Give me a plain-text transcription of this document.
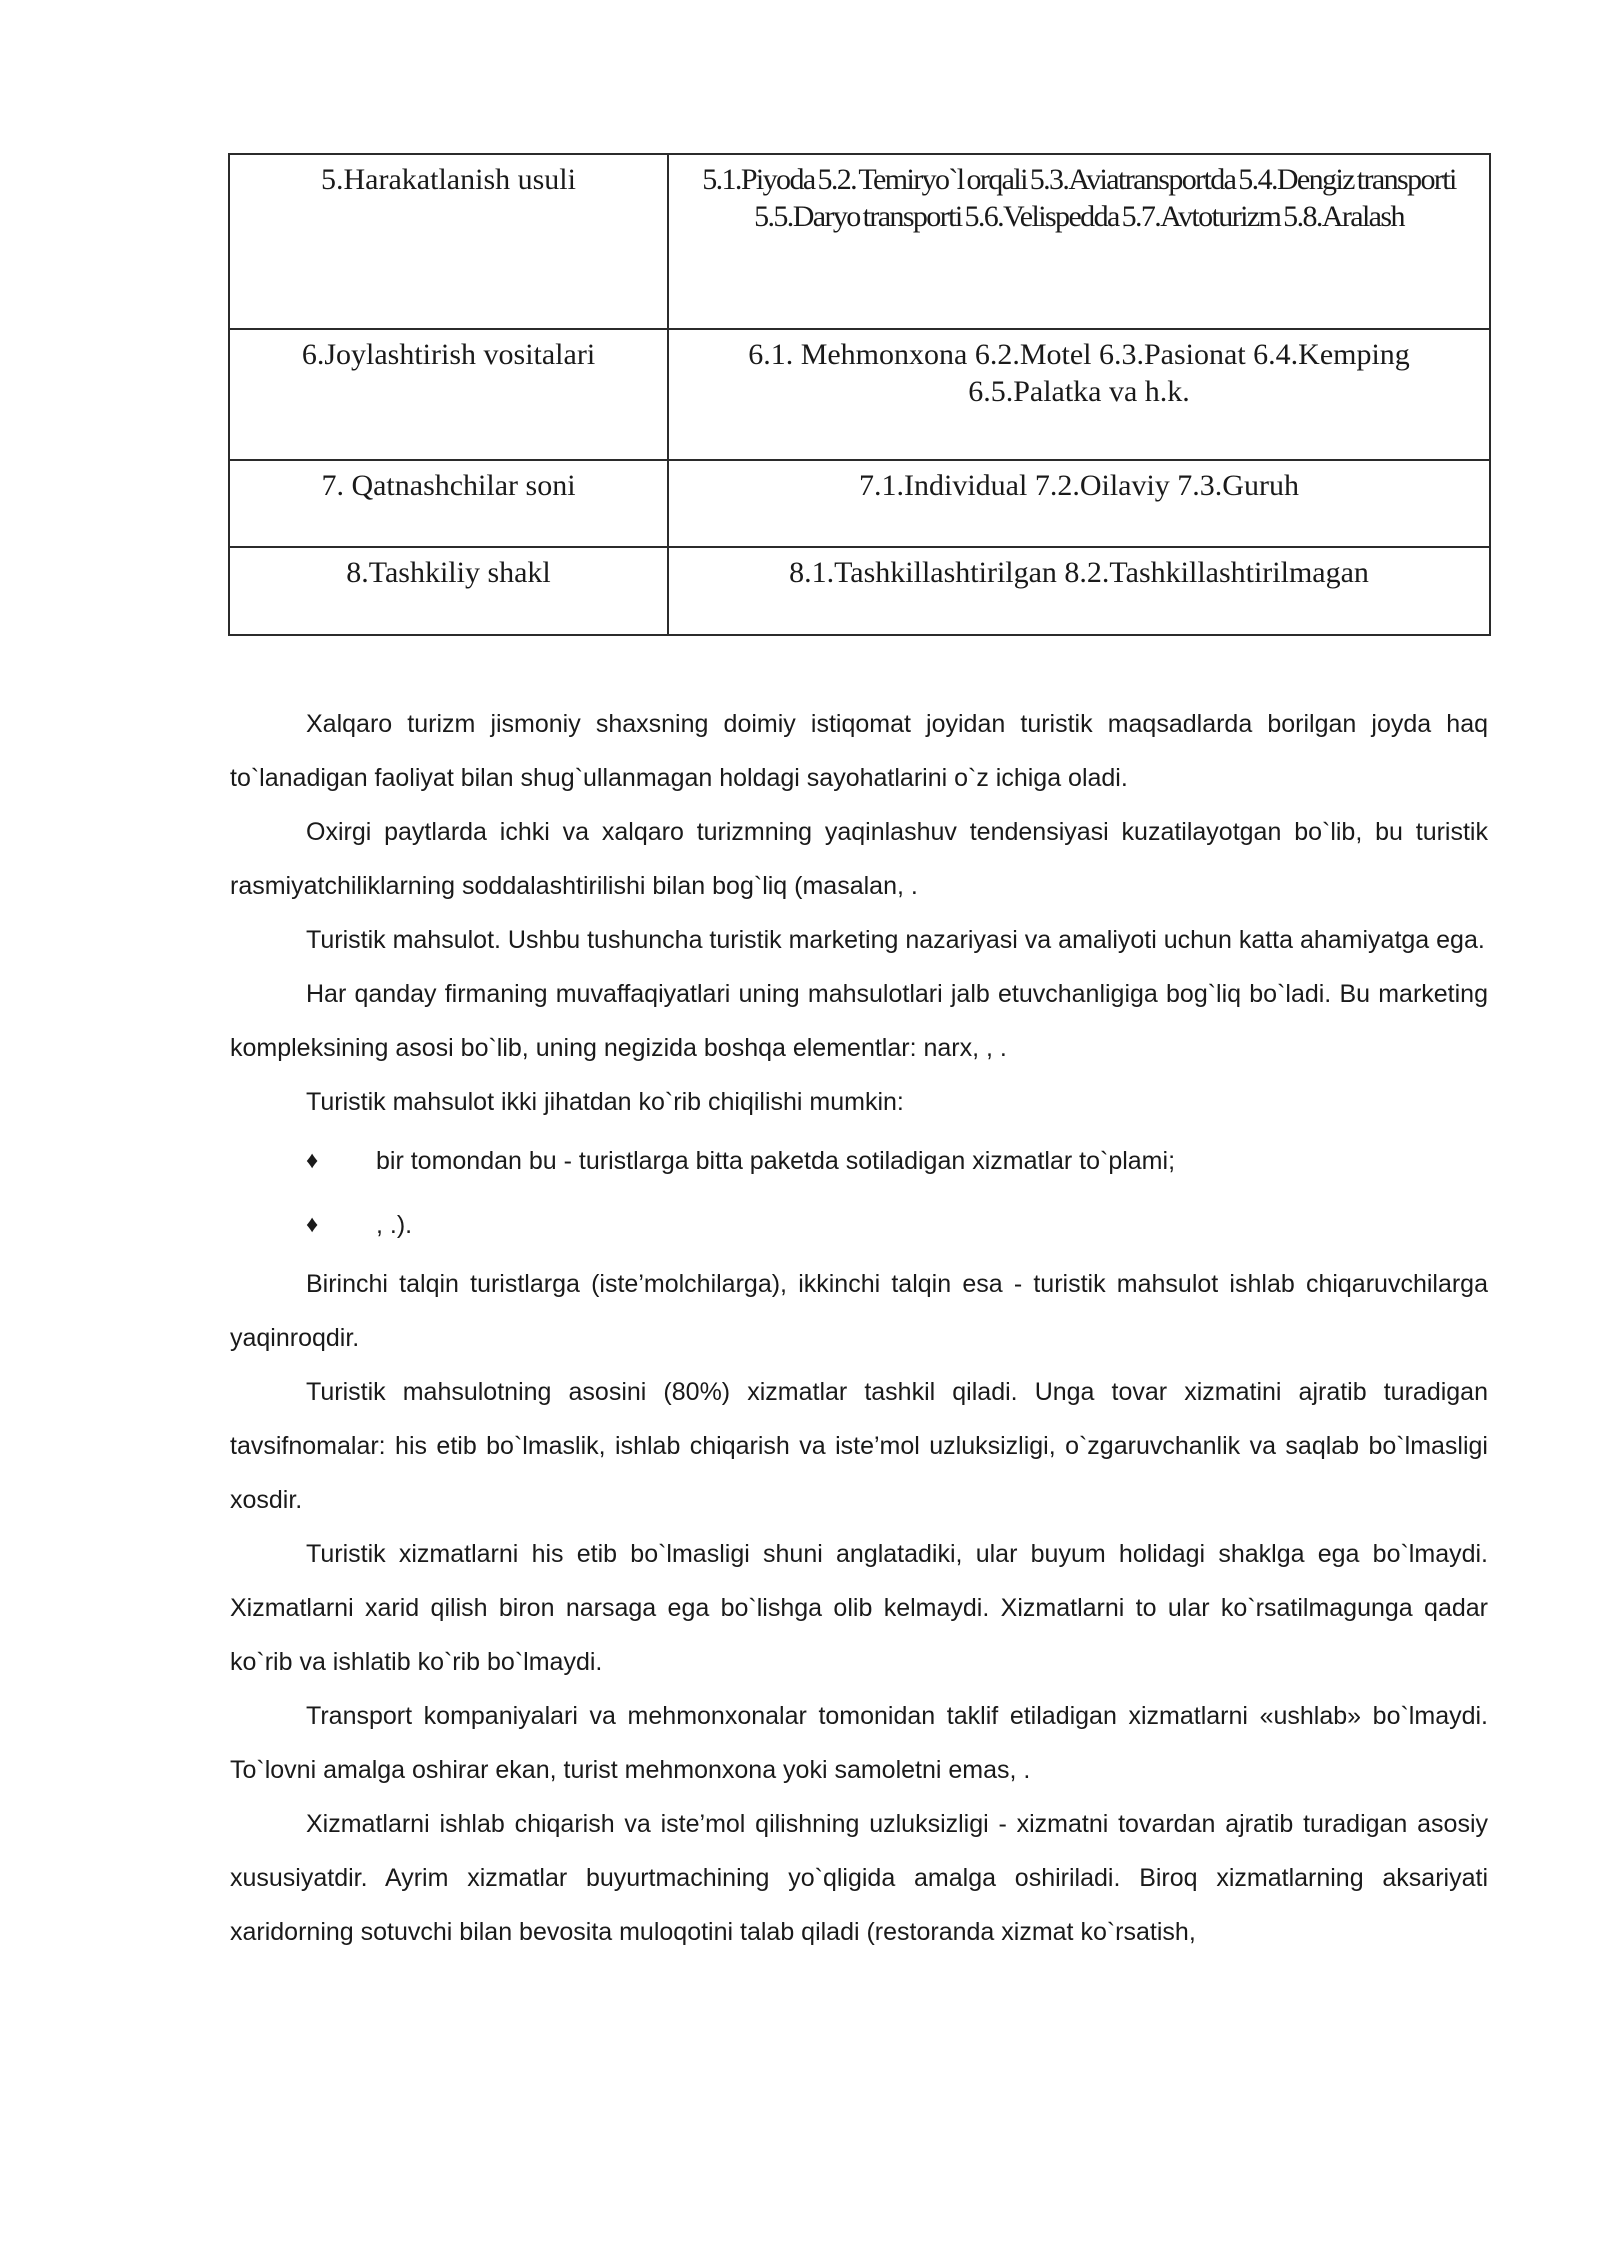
5.Harakatlanish usuli	5.1.Piyoda 5.2. Temiryo`l orqali 5.3.Aviatransportda 5.4.Dengiz transporti 5.5.Daryo transporti 5.6.Velispedda 5.7.Avtoturizm 5.8.Aralash
6.Joylashtirish vositalari	6.1. Mehmonxona 6.2.Motel 6.3.Pasionat 6.4.Kemping 6.5.Palatka va h.k.
7. Qatnashchilar soni	7.1.Individual 7.2.Oilaviy 7.3.Guruh
8.Tashkiliy shakl	8.1.Tashkillashtirilgan 8.2.Tashkillashtirilmagan

Xalqaro turizm jismoniy shaxsning doimiy istiqomat joyidan turistik maqsadlarda borilgan joyda haq to`lanadigan faoliyat bilan shug`ullanmagan holdagi sayohatlarini o`z ichiga oladi.

Oxirgi paytlarda ichki va xalqaro turizmning yaqinlashuv tendensiyasi kuzatilayotgan bo`lib, bu turistik rasmiyatchiliklarning soddalashtirilishi bilan bog`liq (masalan, .

Turistik mahsulot. Ushbu tushuncha turistik marketing nazariyasi va amaliyoti uchun katta ahamiyatga ega.

Har qanday firmaning muvaffaqiyatlari uning mahsulotlari jalb etuvchanligiga bog`liq bo`ladi. Bu marketing kompleksining asosi bo`lib, uning negizida boshqa elementlar: narx, , .

Turistik mahsulot ikki jihatdan ko`rib chiqilishi mumkin:

♦ bir tomondan bu - turistlarga bitta paketda sotiladigan xizmatlar to`plami;
♦ , .).

Birinchi talqin turistlarga (iste’molchilarga), ikkinchi talqin esa - turistik mahsulot ishlab chiqaruvchilarga yaqinroqdir.

Turistik mahsulotning asosini (80%) xizmatlar tashkil qiladi. Unga tovar xizmatini ajratib turadigan tavsifnomalar: his etib bo`lmaslik, ishlab chiqarish va iste’mol uzluksizligi, o`zgaruvchanlik va saqlab bo`lmasligi xosdir.

Turistik xizmatlarni his etib bo`lmasligi shuni anglatadiki, ular buyum holidagi shaklga ega bo`lmaydi. Xizmatlarni xarid qilish biron narsaga ega bo`lishga olib kelmaydi. Xizmatlarni to ular ko`rsatilmagunga qadar ko`rib va ishlatib ko`rib bo`lmaydi.

Transport kompaniyalari va mehmonxonalar tomonidan taklif etiladigan xizmatlarni «ushlab» bo`lmaydi. To`lovni amalga oshirar ekan, turist mehmonxona yoki samoletni emas, .

Xizmatlarni ishlab chiqarish va iste’mol qilishning uzluksizligi - xizmatni tovardan ajratib turadigan asosiy xususiyatdir. Ayrim xizmatlar buyurtmachining yo`qligida amalga oshiriladi. Biroq xizmatlarning aksariyati xaridorning sotuvchi bilan bevosita muloqotini talab qiladi (restoranda xizmat ko`rsatish,
